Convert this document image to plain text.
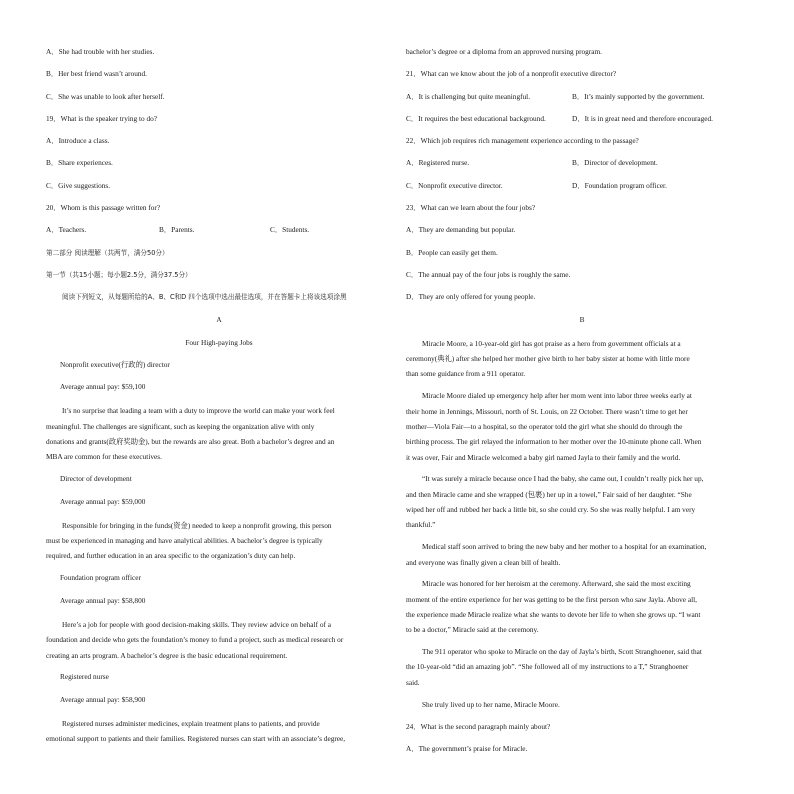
A．She had trouble with her studies.
B．Her best friend wasn’t around.
C．She was unable to look after herself.
19．What is the speaker trying to do?
A．Introduce a class.
B．Share experiences.
C．Give suggestions.
20．Whom is this passage written for?
A．Teachers.	B．Parents.	C．Students.
第二部分 阅读理解（共两节，满分50分）
第一节（共15小题；每小题2.5分，满分37.5分）
阅读下列短文，从每题所给的A、B、C和D 四个选项中选出最佳选项，并在答题卡上将该选项涂黑
A
Four High-paying Jobs
Nonprofit executive(行政的) director
Average annual pay: $59,100
It’s no surprise that leading a team with a duty to improve the world can make your work feel
meaningful. The challenges are significant, such as keeping the organization alive with only
donations and grants(政府奖助金), but the rewards are also great. Both a bachelor’s degree and an
MBA are common for these executives.
Director of development
Average annual pay: $59,000
Responsible for bringing in the funds(资金) needed to keep a nonprofit growing, this person
must be experienced in managing and have analytical abilities. A bachelor’s degree is typically
required, and further education in an area specific to the organization’s duty can help.
Foundation program officer
Average annual pay: $58,800
Here’s a job for people with good decision-making skills. They review advice on behalf of a
foundation and decide who gets the foundation’s money to fund a project, such as medical research or
creating an arts program. A bachelor’s degree is the basic educational requirement.
Registered nurse
Average annual pay: $58,900
Registered nurses administer medicines, explain treatment plans to patients, and provide
emotional support to patients and their families. Registered nurses can start with an associate’s degree,
bachelor’s degree or a diploma from an approved nursing program.
21．What can we know about the job of a nonprofit executive director?
A．It is challenging but quite meaningful.	B．It’s mainly supported by the government.
C．It requires the best educational background.	D．It is in great need and therefore encouraged.
22．Which job requires rich management experience according to the passage?
A．Registered nurse.	B．Director of development.
C．Nonprofit executive director.	D．Foundation program officer.
23．What can we learn about the four jobs?
A．They are demanding but popular.
B．People can easily get them.
C．The annual pay of the four jobs is roughly the same.
D．They are only offered for young people.
B
Miracle Moore, a 10-year-old girl has got praise as a hero from government officials at a
ceremony(典礼) after she helped her mother give birth to her baby sister at home with little more
than some guidance from a 911 operator.
Miracle Moore dialed up emergency help after her mom went into labor three weeks early at
their home in Jennings, Missouri, north of St. Louis, on 22 October. There wasn’t time to get her
mother—Viola Fair—to a hospital, so the operator told the girl what she should do through the
birthing process. The girl relayed the information to her mother over the 10-minute phone call. When
it was over, Fair and Miracle welcomed a baby girl named Jayla to their family and the world.
“It was surely a miracle because once I had the baby, she came out, I couldn’t really pick her up,
and then Miracle came and she wrapped (包裹) her up in a towel,” Fair said of her daughter. “She
wiped her off and rubbed her back a little bit, so she could cry. So she was really helpful. I am very
thankful.”
Medical staff soon arrived to bring the new baby and her mother to a hospital for an examination,
and everyone was finally given a clean bill of health.
Miracle was honored for her heroism at the ceremony. Afterward, she said the most exciting
moment of the entire experience for her was getting to be the first person who saw Jayla. Above all,
the experience made Miracle realize what she wants to devote her life to when she grows up. “I want
to be a doctor,” Miracle said at the ceremony.
The 911 operator who spoke to Miracle on the day of Jayla’s birth, Scott Stranghoener, said that
the 10-year-old “did an amazing job”. “She followed all of my instructions to a T,” Stranghoener
said.
She truly lived up to her name, Miracle Moore.
24．What is the second paragraph mainly about?
A．The government’s praise for Miracle.
